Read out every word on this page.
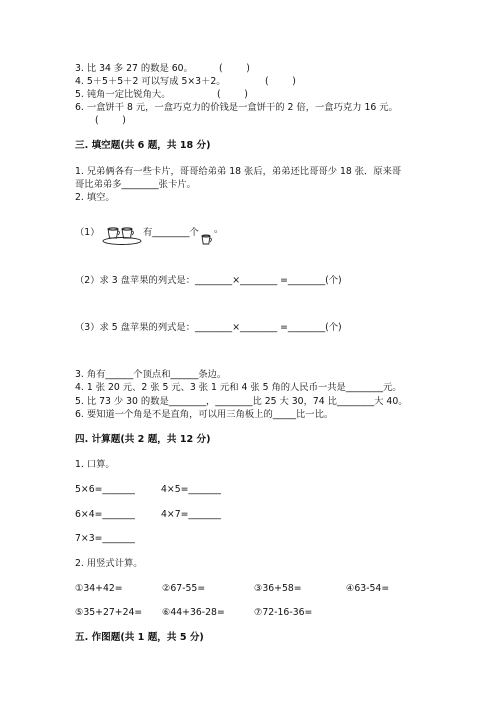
3. 比 34 多 27 的数是 60。	(        )
4. 5＋5＋5＋2 可以写成 5×3＋2。	(        )
5. 钝角一定比锐角大。	(        )
6. 一盒饼干 8 元，一盒巧克力的价钱是一盒饼干的 2 倍，一盒巧克力 16 元。
(        )
三. 填空题(共 6 题，共 18 分)
1. 兄弟俩各有一些卡片，哥哥给弟弟 18 张后，弟弟还比哥哥少 18 张．原来哥
哥比弟弟多________张卡片。
2. 填空。
（1）	有________个 。
（2）求 3 盘苹果的列式是：________×________ =________(个)
（3）求 5 盘苹果的列式是：________×________ =________(个)
3. 角有______个顶点和______条边。
4. 1 张 20 元、2 张 5 元、3 张 1 元和 4 张 5 角的人民币一共是________元。
5. 比 73 少 30 的数是________，________比 25 大 30，74 比________大 40。
6. 要知道一个角是不是直角，可以用三角板上的_____比一比。
四. 计算题(共 2 题，共 12 分)
1. 口算。
5×6=_______	4×5=_______
6×4=_______	4×7=_______
7×3=_______
2. 用竖式计算。
①34+42=	②67-55=	③36+58=	④63-54=
⑤35+27+24= ⑥44+36-28=	⑦72-16-36=
五. 作图题(共 1 题，共 5 分)
